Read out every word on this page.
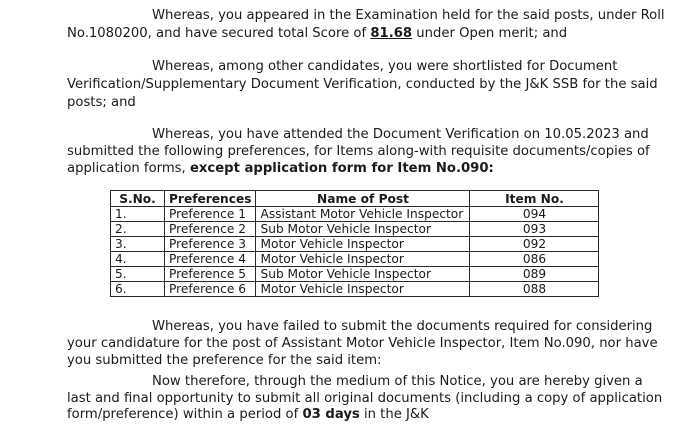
Whereas, you appeared in the Examination held for the said posts, under Roll
No.1080200, and have secured total Score of 81.68 under Open merit; and
Whereas, among other candidates, you were shortlisted for Document
Verification/Supplementary Document Verification, conducted by the J&K SSB for the said
posts; and
Whereas, you have attended the Document Verification on 10.05.2023 and
submitted the following preferences, for Items along-with requisite documents/copies of
application forms, except application form for Item No.090:
S.No.	Preferences	Name of Post	Item No.
1.	Preference 1	Assistant Motor Vehicle Inspector	094
2.	Preference 2	Sub Motor Vehicle Inspector	093
3.	Preference 3	Motor Vehicle Inspector	092
4.	Preference 4	Motor Vehicle Inspector	086
5.	Preference 5	Sub Motor Vehicle Inspector	089
6.	Preference 6	Motor Vehicle Inspector	088
Whereas, you have failed to submit the documents required for considering
your candidature for the post of Assistant Motor Vehicle Inspector, Item No.090, nor have
you submitted the preference for the said item:
Now therefore, through the medium of this Notice, you are hereby given a
last and final opportunity to submit all original documents (including a copy of application
form/preference) within a period of 03 days in the J&K
